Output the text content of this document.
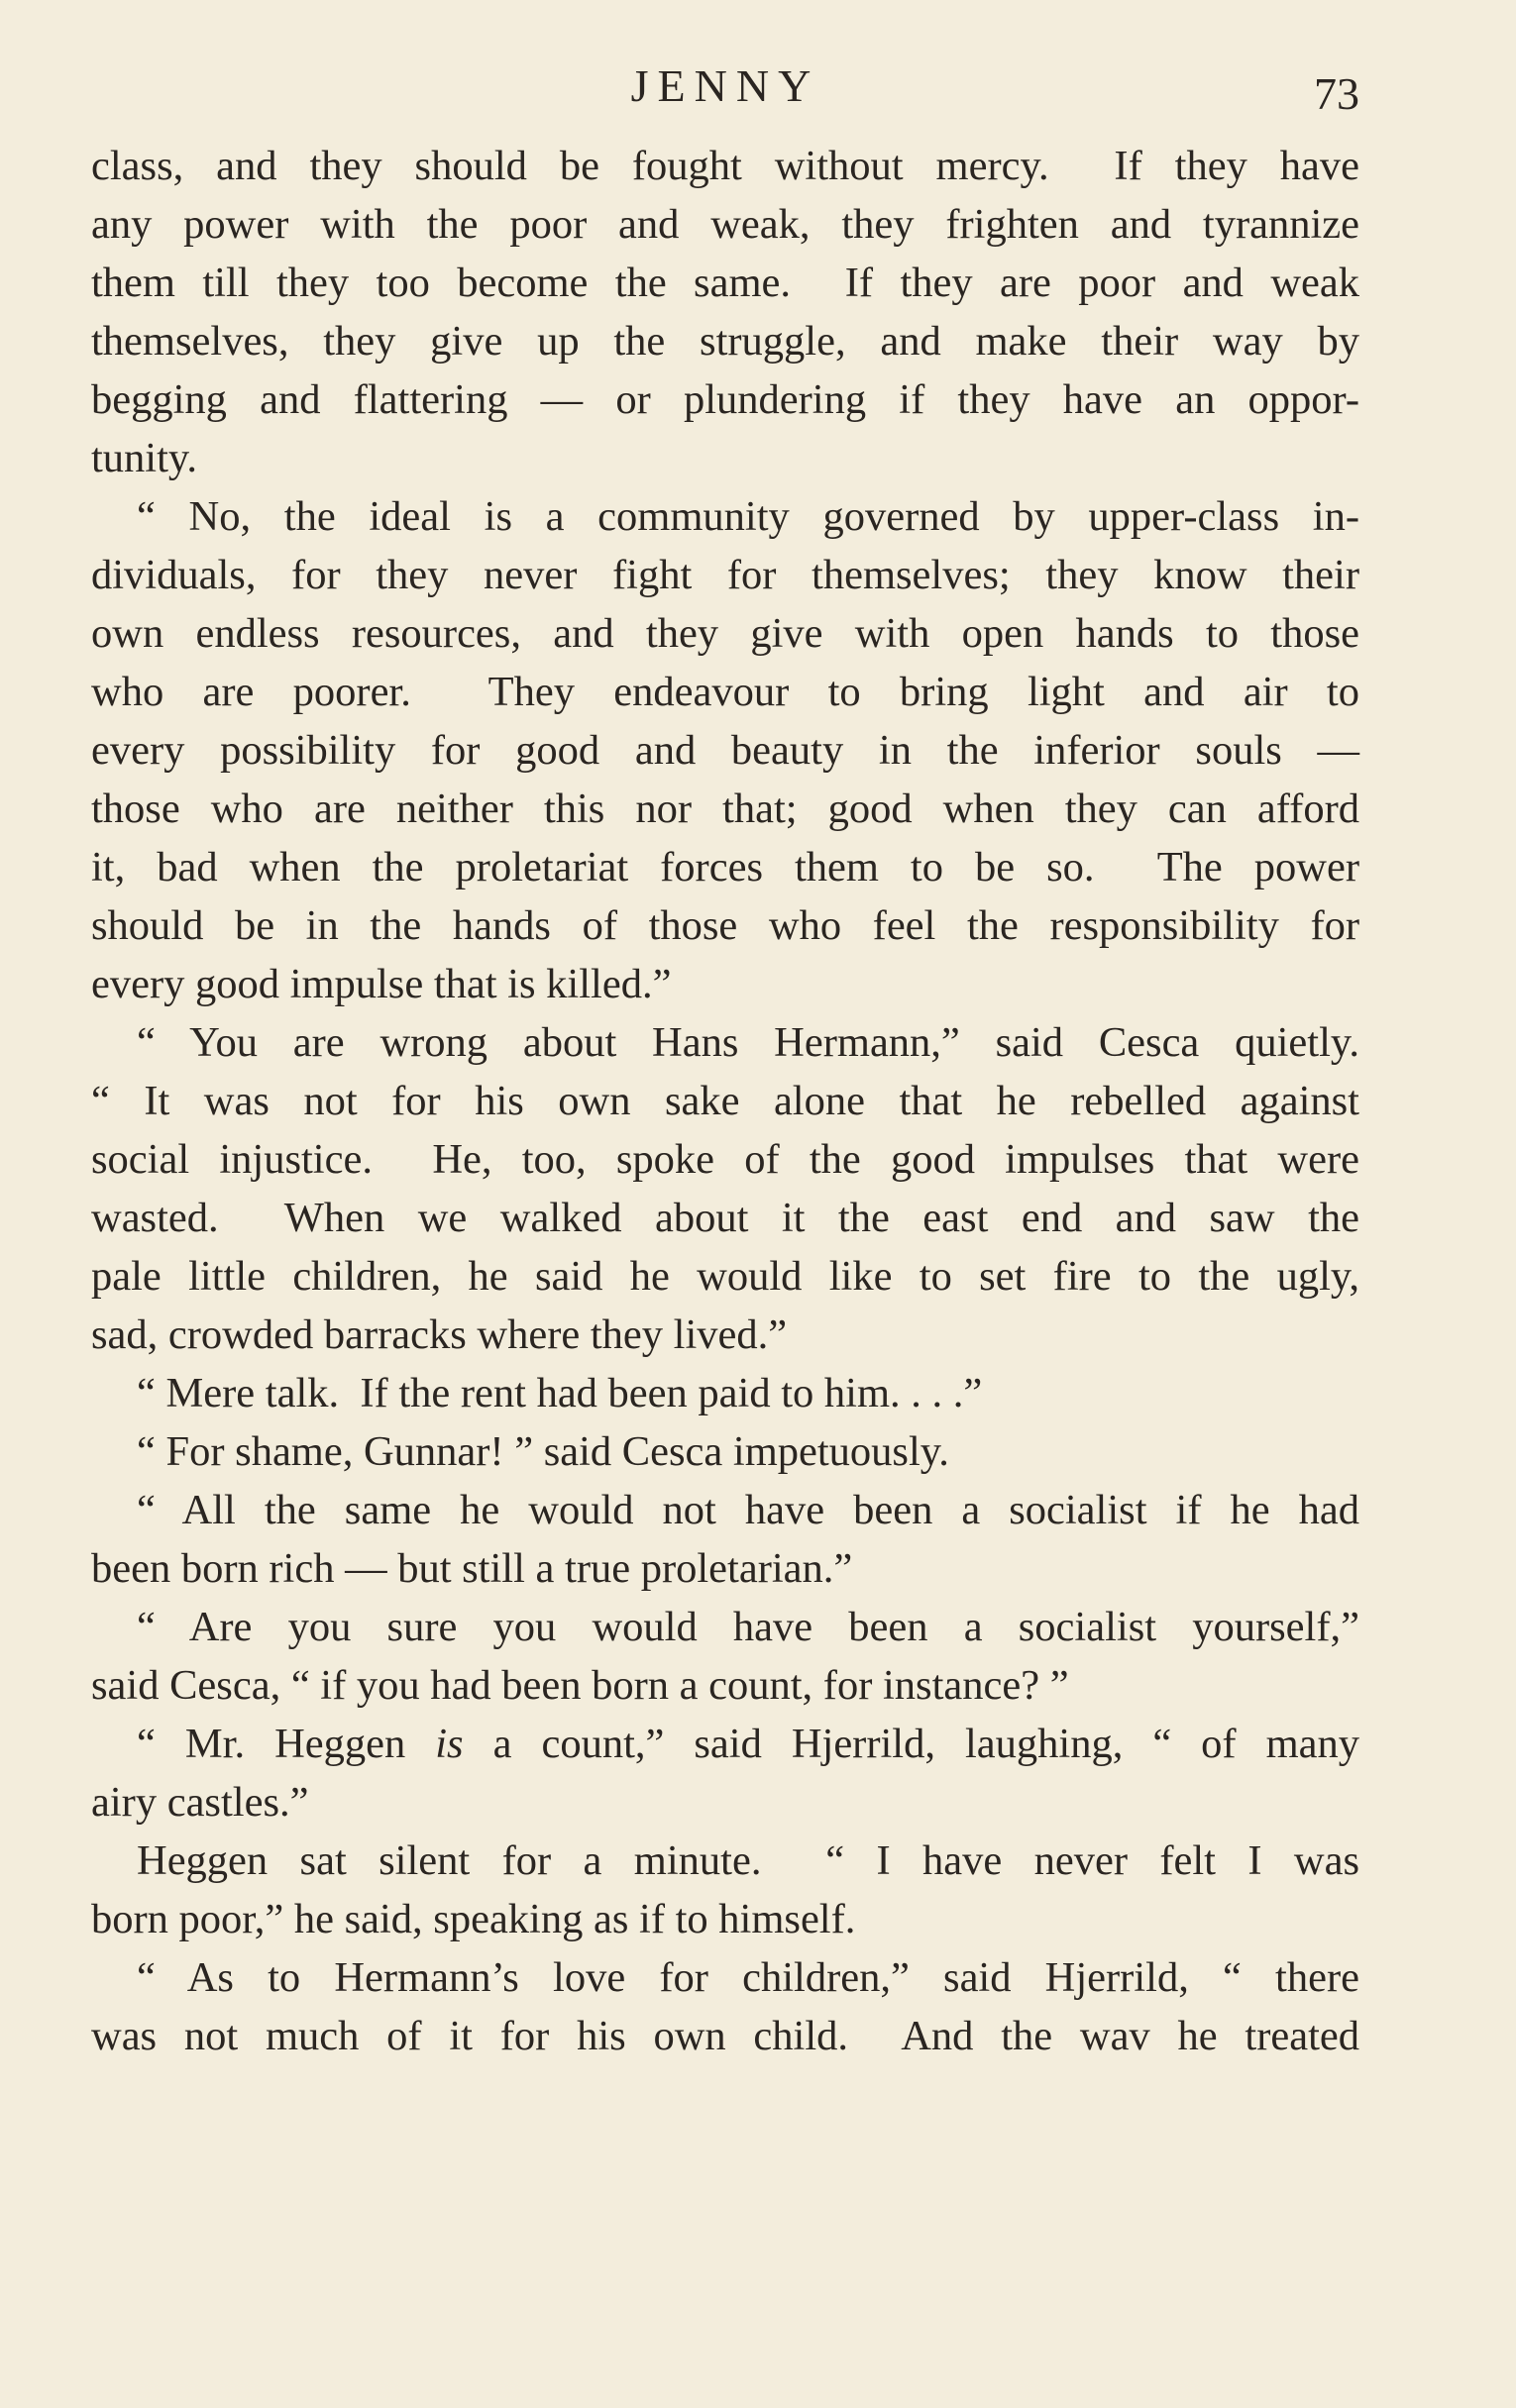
JENNY	73
class, and they should be fought without mercy.  If they have
any power with the poor and weak, they frighten and tyrannize
them till they too become the same.  If they are poor and weak
themselves, they give up the struggle, and make their way by
begging and flattering — or plundering if they have an oppor-
tunity.
“ No, the ideal is a community governed by upper-class in-
dividuals, for they never fight for themselves; they know their
own endless resources, and they give with open hands to those
who are poorer.  They endeavour to bring light and air to
every possibility for good and beauty in the inferior souls —
those who are neither this nor that; good when they can afford
it, bad when the proletariat forces them to be so.  The power
should be in the hands of those who feel the responsibility for
every good impulse that is killed.”
“ You are wrong about Hans Hermann,” said Cesca quietly.
“ It was not for his own sake alone that he rebelled against
social injustice.  He, too, spoke of the good impulses that were
wasted.  When we walked about it the east end and saw the
pale little children, he said he would like to set fire to the ugly,
sad, crowded barracks where they lived.”
“ Mere talk.  If the rent had been paid to him. . . .”
“ For shame, Gunnar! ” said Cesca impetuously.
“ All the same he would not have been a socialist if he had
been born rich — but still a true proletarian.”
“ Are you sure you would have been a socialist yourself,”
said Cesca, “ if you had been born a count, for instance? ”
“ Mr. Heggen is a count,” said Hjerrild, laughing, “ of many
airy castles.”
Heggen sat silent for a minute.  “ I have never felt I was
born poor,” he said, speaking as if to himself.
“ As to Hermann’s love for children,” said Hjerrild, “ there
was not much of it for his own child.  And the wav he treated
